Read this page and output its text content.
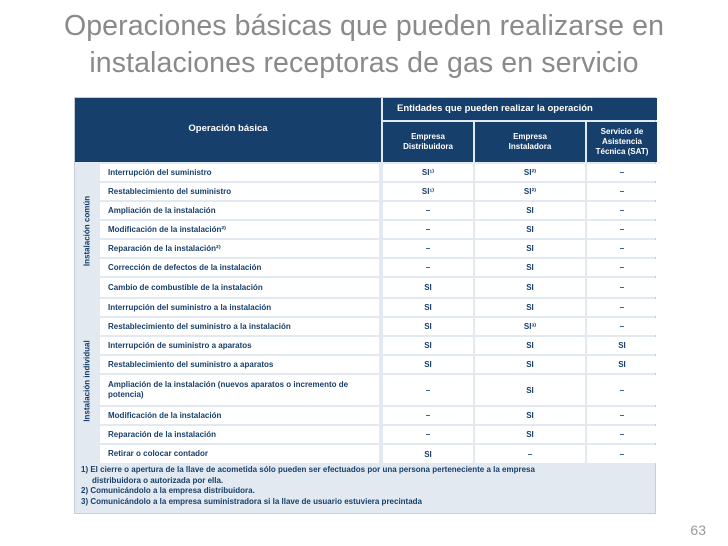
Operaciones básicas que pueden realizarse en
instalaciones receptoras de gas en servicio
Operación básica
Entidades que pueden realizar la operación
Empresa
Distribuidora
Empresa
Instaladora
Servicio de
Asistencia
Técnica (SAT)
Instalación común
Instalación individual
Interrupción del suministro	SI¹⁾	SI²⁾	–
Restablecimiento del suministro	SI¹⁾	SI²⁾	–
Ampliación de la instalación	–	SI	–
Modificación de la instalación²⁾	–	SI	–
Reparación de la instalación²⁾	–	SI	–
Corrección de defectos de la instalación	–	SI	–
Cambio de combustible de la instalación	SI	SI	–
Interrupción del suministro a la instalación	SI	SI	–
Restablecimiento del suministro a la instalación	SI	SI³⁾	–
Interrupción de suministro a aparatos	SI	SI	SI
Restablecimiento del suministro a aparatos	SI	SI	SI
Ampliación de la instalación (nuevos aparatos o incremento de potencia)	–	SI	–
Modificación de la instalación	–	SI	–
Reparación de la instalación	–	SI	–
Retirar o colocar contador	SI	–	–
1) El cierre o apertura de la llave de acometida sólo pueden ser efectuados por una persona perteneciente a la empresa
distribuidora o autorizada por ella.
2) Comunicándolo a la empresa distribuidora.
3) Comunicándolo a la empresa suministradora si la llave de usuario estuviera precintada
63
